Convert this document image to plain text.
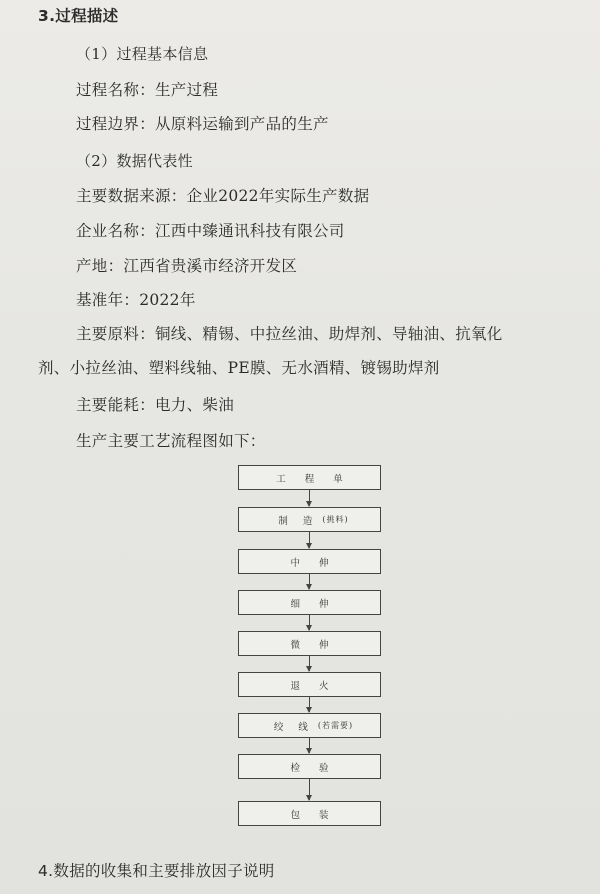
3.过程描述
（1）过程基本信息
过程名称：生产过程
过程边界：从原料运输到产品的生产
（2）数据代表性
主要数据来源：企业2022年实际生产数据
企业名称：江西中臻通讯科技有限公司
产地：江西省贵溪市经济开发区
基准年：2022年
主要原料：铜线、精锡、中拉丝油、助焊剂、导轴油、抗氧化
剂、小拉丝油、塑料线轴、PE膜、无水酒精、镀锡助焊剂
主要能耗：电力、柴油
生产主要工艺流程图如下：
工 程 单
制 造 (挑料)
中 伸
细 伸
微 伸
退 火
绞 线 (若需要)
检 验
包 装
4.数据的收集和主要排放因子说明
